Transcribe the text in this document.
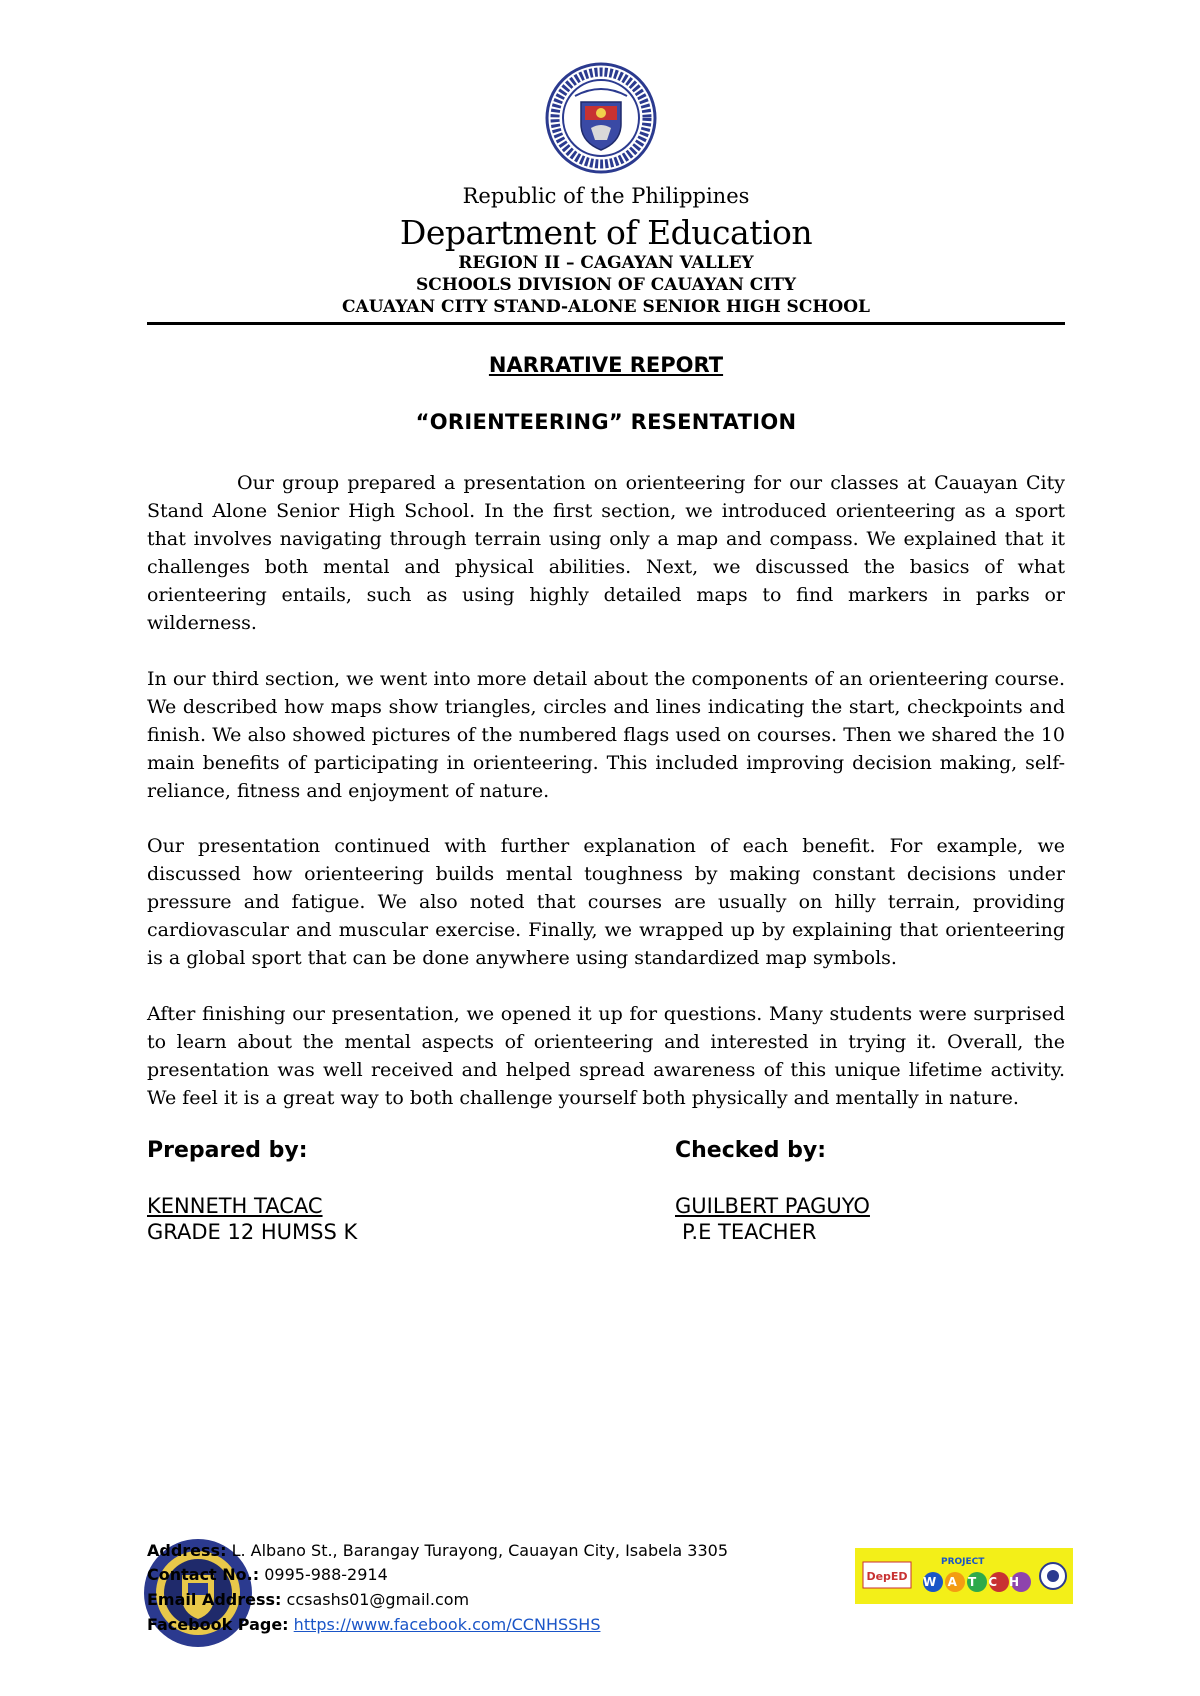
Republic of the Philippines
Department of Education
REGION II – CAGAYAN VALLEY
SCHOOLS DIVISION OF CAUAYAN CITY
CAUAYAN CITY STAND-ALONE SENIOR HIGH SCHOOL
NARRATIVE REPORT
“ORIENTEERING” RESENTATION

Our group prepared a presentation on orienteering for our classes at Cauayan City Stand Alone Senior High School. In the first section, we introduced orienteering as a sport that involves navigating through terrain using only a map and compass. We explained that it challenges both mental and physical abilities. Next, we discussed the basics of what orienteering entails, such as using highly detailed maps to find markers in parks or wilderness.

In our third section, we went into more detail about the components of an orienteering course. We described how maps show triangles, circles and lines indicating the start, checkpoints and finish. We also showed pictures of the numbered flags used on courses. Then we shared the 10 main benefits of participating in orienteering. This included improving decision making, self-reliance, fitness and enjoyment of nature.

Our presentation continued with further explanation of each benefit. For example, we discussed how orienteering builds mental toughness by making constant decisions under pressure and fatigue. We also noted that courses are usually on hilly terrain, providing cardiovascular and muscular exercise. Finally, we wrapped up by explaining that orienteering is a global sport that can be done anywhere using standardized map symbols.

After finishing our presentation, we opened it up for questions. Many students were surprised to learn about the mental aspects of orienteering and interested in trying it. Overall, the presentation was well received and helped spread awareness of this unique lifetime activity. We feel it is a great way to both challenge yourself both physically and mentally in nature.

Prepared by:	Checked by:
KENNETH TACAC
GRADE 12 HUMSS K
GUILBERT PAGUYO
P.E TEACHER
Address: L. Albano St., Barangay Turayong, Cauayan City, Isabela 3305
Contact No.: 0995-988-2914
Email Address: ccsashs01@gmail.com
Facebook Page: https://www.facebook.com/CCNHSSHS
DepED
PROJECT
WATCH
